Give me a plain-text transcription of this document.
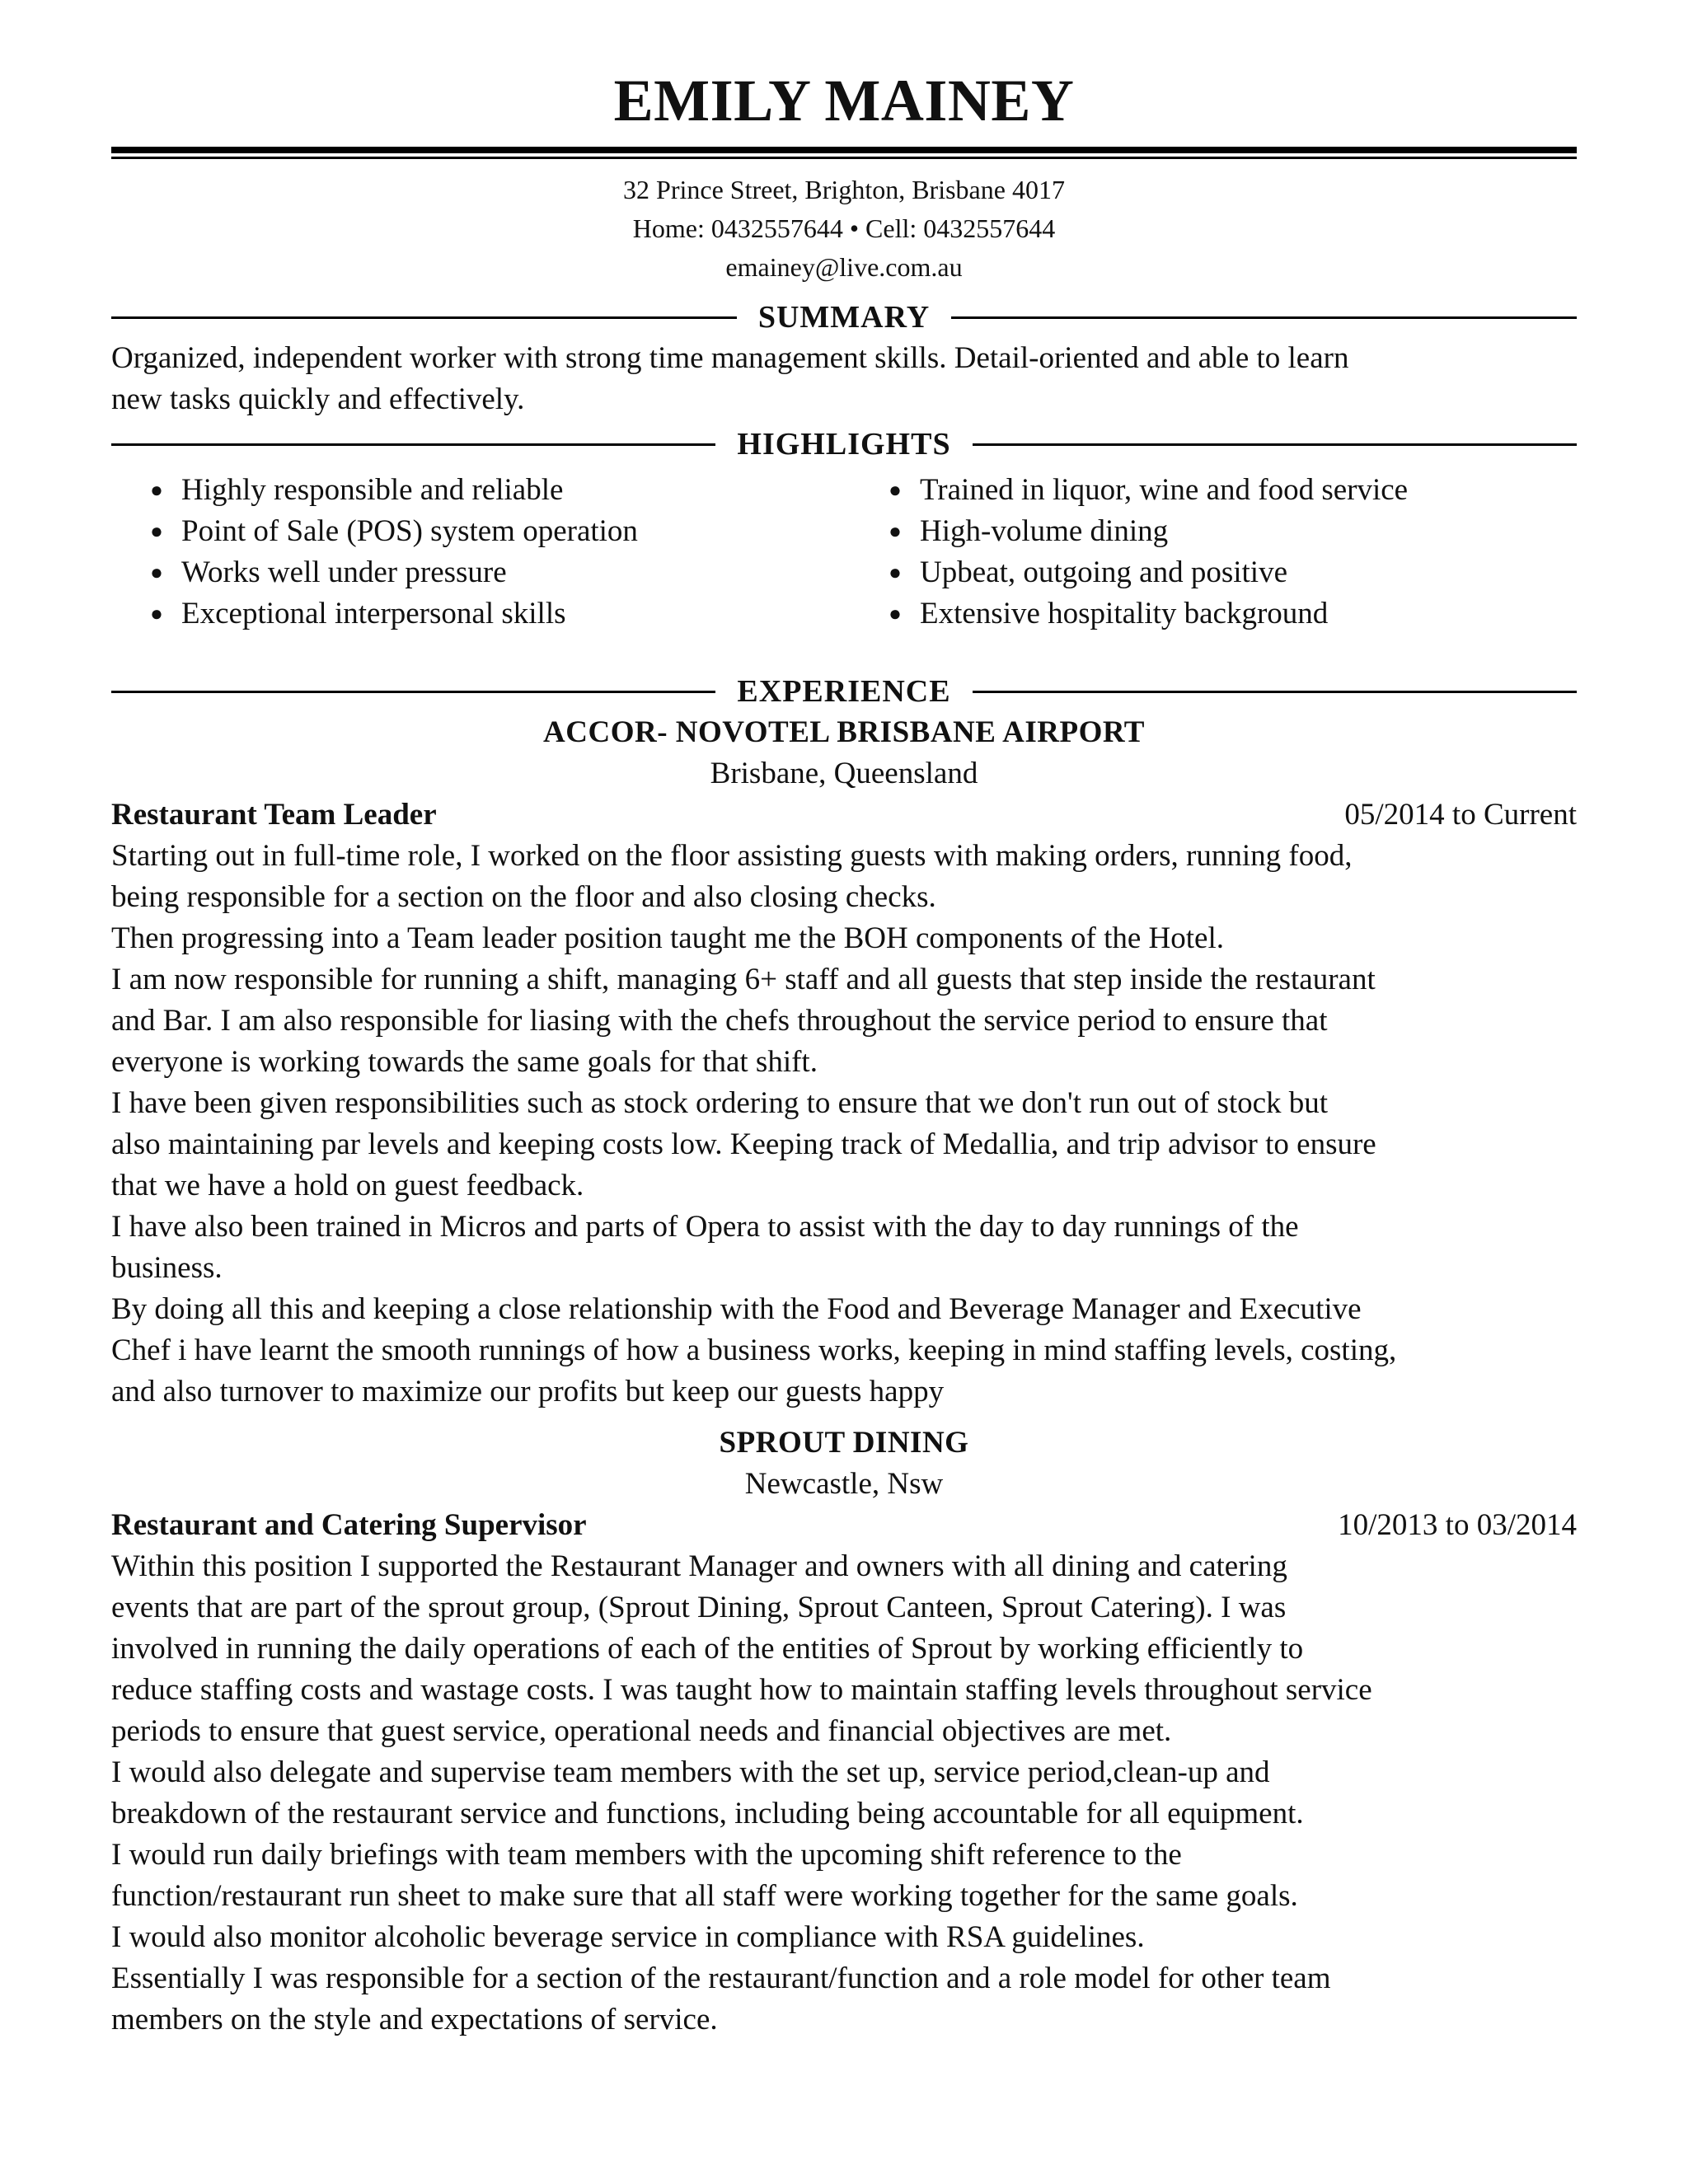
EMILY MAINEY
32 Prince Street, Brighton, Brisbane 4017
Home: 0432557644 • Cell: 0432557644
emainey@live.com.au
SUMMARY

Organized, independent worker with strong time management skills. Detail-oriented and able to learn

new tasks quickly and effectively.

HIGHLIGHTS
● Highly responsible and reliable
● Point of Sale (POS) system operation
● Works well under pressure
● Exceptional interpersonal skills
● Trained in liquor, wine and food service
● High-volume dining
● Upbeat, outgoing and positive
● Extensive hospitality background
EXPERIENCE
ACCOR- NOVOTEL BRISBANE AIRPORT
Brisbane, Queensland
Restaurant Team Leader	05/2014 to Current

Starting out in full-time role, I worked on the floor assisting guests with making orders, running food,

being responsible for a section on the floor and also closing checks.

Then progressing into a Team leader position taught me the BOH components of the Hotel.

I am now responsible for running a shift, managing 6+ staff and all guests that step inside the restaurant

and Bar. I am also responsible for liasing with the chefs throughout the service period to ensure that

everyone is working towards the same goals for that shift.

I have been given responsibilities such as stock ordering to ensure that we don't run out of stock but

also maintaining par levels and keeping costs low. Keeping track of Medallia, and trip advisor to ensure

that we have a hold on guest feedback.

I have also been trained in Micros and parts of Opera to assist with the day to day runnings of the

business.

By doing all this and keeping a close relationship with the Food and Beverage Manager and Executive

Chef i have learnt the smooth runnings of how a business works, keeping in mind staffing levels, costing,

and also turnover to maximize our profits but keep our guests happy

SPROUT DINING
Newcastle, Nsw
Restaurant and Catering Supervisor	10/2013 to 03/2014

Within this position I supported the Restaurant Manager and owners with all dining and catering

events that are part of the sprout group, (Sprout Dining, Sprout Canteen, Sprout Catering). I was

involved in running the daily operations of each of the entities of Sprout by working efficiently to

reduce staffing costs and wastage costs. I was taught how to maintain staffing levels throughout service

periods to ensure that guest service, operational needs and financial objectives are met.

I would also delegate and supervise team members with the set up, service period,clean-up and

breakdown of the restaurant service and functions, including being accountable for all equipment.

I would run daily briefings with team members with the upcoming shift reference to the

function/restaurant run sheet to make sure that all staff were working together for the same goals.

I would also monitor alcoholic beverage service in compliance with RSA guidelines.

Essentially I was responsible for a section of the restaurant/function and a role model for other team

members on the style and expectations of service.
